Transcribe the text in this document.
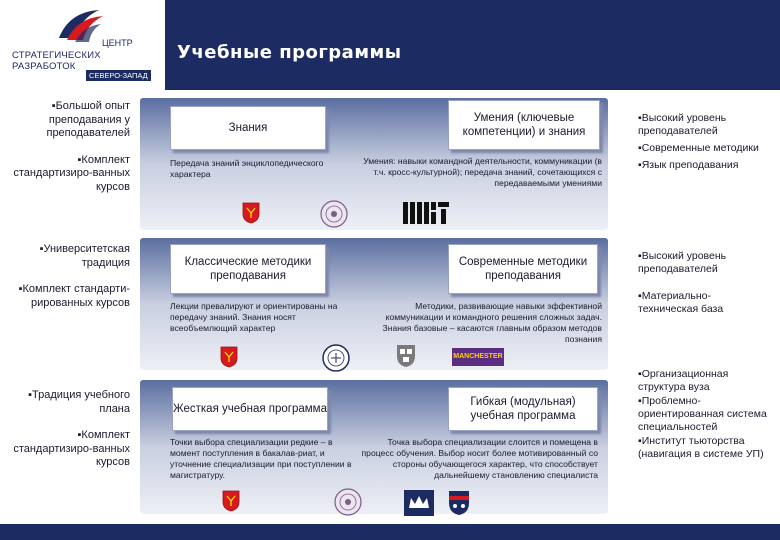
ЦЕНТР
СТРАТЕГИЧЕСКИХ
РАЗРАБОТОК
СЕВЕРО-ЗАПАД
Учебные программы

▪Большой опыт преподавания у преподавателей

▪Комплект стандартизиро-ванных курсов

Знания
Умения (ключевые компетенции) и знания
Передача знаний энциклопедического характера
Умения: навыки командной деятельности, коммуникации (в т.ч. кросс-культурной); передача знаний, сочетающихся с передаваемыми умениями

▪Высокий уровень преподавателей

▪Современные методики

▪Язык преподавания

▪Университетская традиция

▪Комплект стандарти-рированных курсов

Классические методики преподавания
Современные методики преподавания
Лекции превалируют и ориентированы на передачу знаний. Знания носят всеобъемлющий характер
Методики, развивающие навыки эффективной коммуникации и командного решения сложных задач. Знания базовые – касаются главным образом методов познания

▪Высокий уровень преподавателей

▪Материально-техническая база

MANCHESTER

▪Традиция учебного плана

▪Комплект стандартизиро-ванных курсов

Жесткая учебная программа
Гибкая (модульная) учебная программа
Точки выбора специализации редкие – в момент поступления в бакалав-риат, и уточнение специализации при поступлении в магистратуру.
Точка выбора специализации слоится и помещена в процесс обучения. Выбор носит более мотивированный со стороны обучающегося характер, что способствует дальнейшему становлению специалиста

▪Организационная структура вуза

▪Проблемно-ориентированная система специальностей

▪Институт тьюторства (навигация в системе УП)
